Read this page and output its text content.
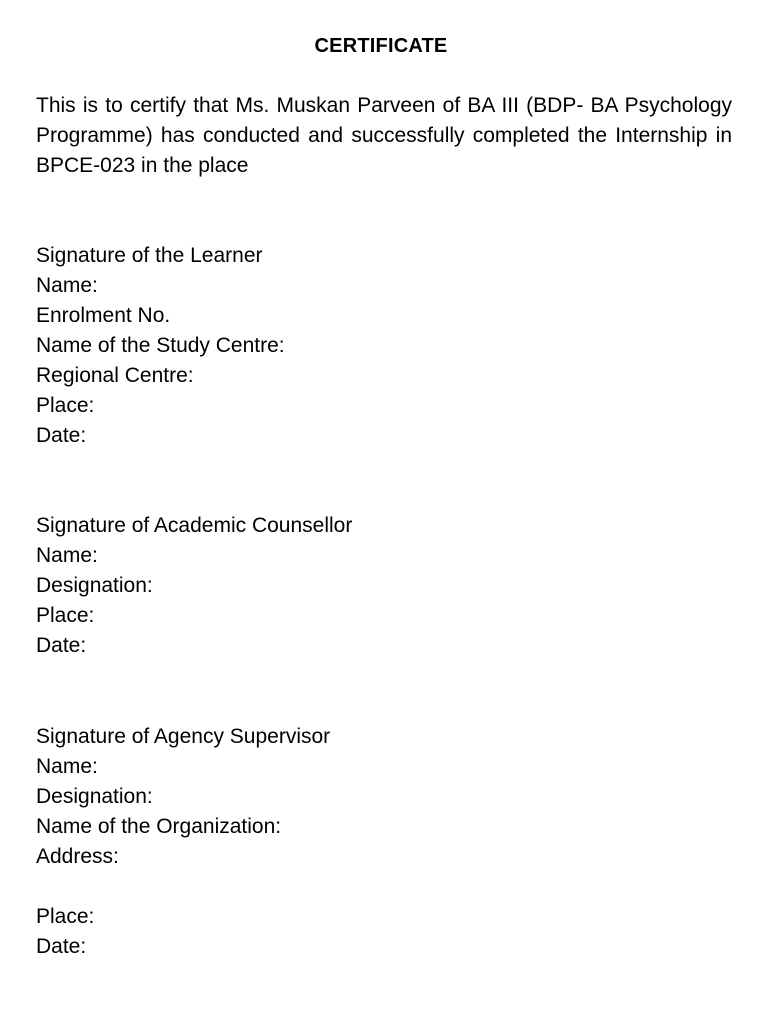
CERTIFICATE
This is to certify that Ms. Muskan Parveen of BA III (BDP- BA Psychology Programme) has conducted and successfully completed the Internship in BPCE-023 in the place
Signature of the Learner
Name:
Enrolment No.
Name of the Study Centre:
Regional Centre:
Place:
Date:
Signature of Academic Counsellor
Name:
Designation:
Place:
Date:
Signature of Agency Supervisor
Name:
Designation:
Name of the Organization:
Address:
Place:
Date:
